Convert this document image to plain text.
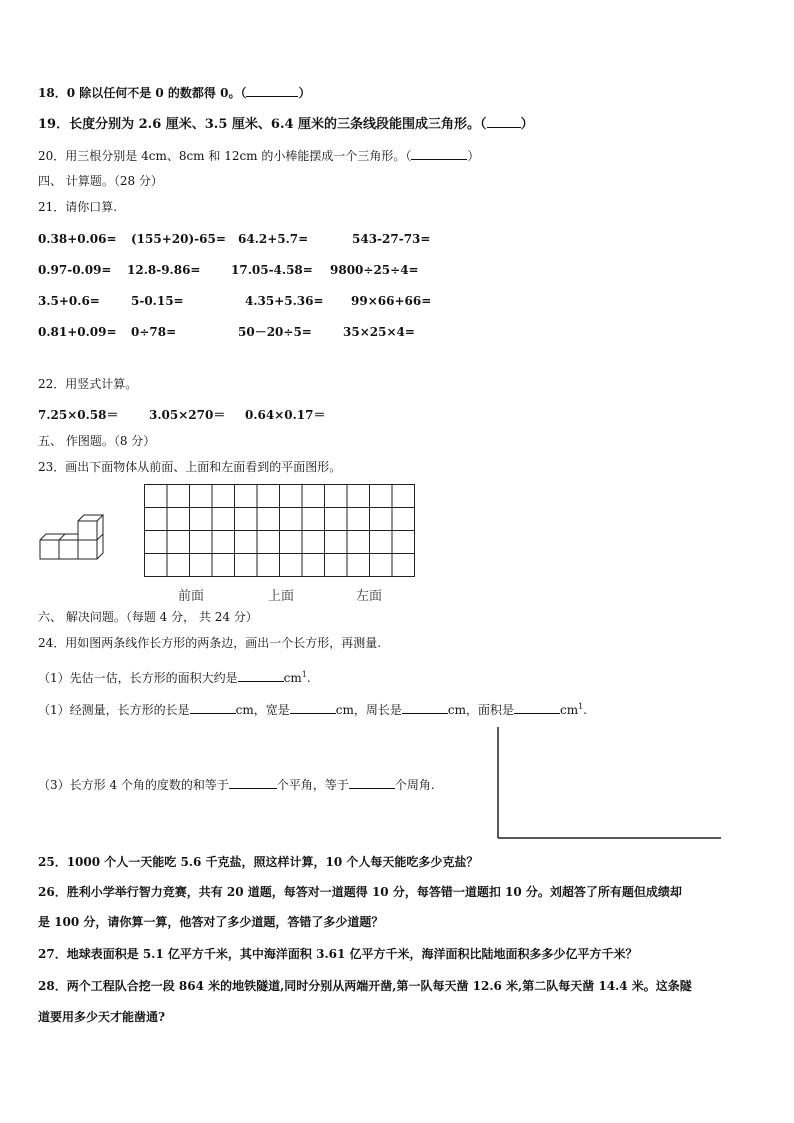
18．0 除以任何不是 0 的数都得 0。（	）
19．长度分别为 2.6 厘米、3.5 厘米、6.4 厘米的三条线段能围成三角形。（	）
20．用三根分别是 4cm、8cm 和 12cm 的小棒能摆成一个三角形。（	）
四、 计算题。（28 分）
21．请你口算.
0.38+0.06= (155+20)-65= 64.2+5.7=	543-27-73=
0.97-0.09= 12.8-9.86=	17.05-4.58= 9800÷25÷4=
3.5+0.6=	5-0.15=	4.35+5.36= 99×66+66=
0.81+0.09= 0÷78=	50－20÷5=	35×25×4=
22．用竖式计算。
7.25×0.58＝	3.05×270＝ 0.64×0.17＝
五、 作图题。（8 分）
23．画出下面物体从前面、上面和左面看到的平面图形。
前面	上面	左面
六、 解决问题。（每题 4 分， 共 24 分）
24．用如图两条线作长方形的两条边，画出一个长方形，再测量.
（1）先估一估，长方形的面积大约是	$cm^1$.
（1）经测量，长方形的长是	cm，宽是	cm，周长是	cm，面积是	$cm^1$.
（3）长方形 4 个角的度数的和等于	个平角，等于	个周角.
25．1000 个人一天能吃 5.6 千克盐，照这样计算，10 个人每天能吃多少克盐？
26．胜利小学举行智力竞赛，共有 20 道题，每答对一道题得 10 分，每答错一道题扣 10 分。刘超答了所有题但成绩却
是 100 分，请你算一算，他答对了多少道题，答错了多少道题？
27．地球表面积是 5.1 亿平方千米，其中海洋面积 3.61 亿平方千米，海洋面积比陆地面积多多少亿平方千米？
28．两个工程队合挖一段 864 米的地铁隧道,同时分别从两端开凿,第一队每天凿 12.6 米,第二队每天凿 14.4 米。这条隧
道要用多少天才能凿通?
